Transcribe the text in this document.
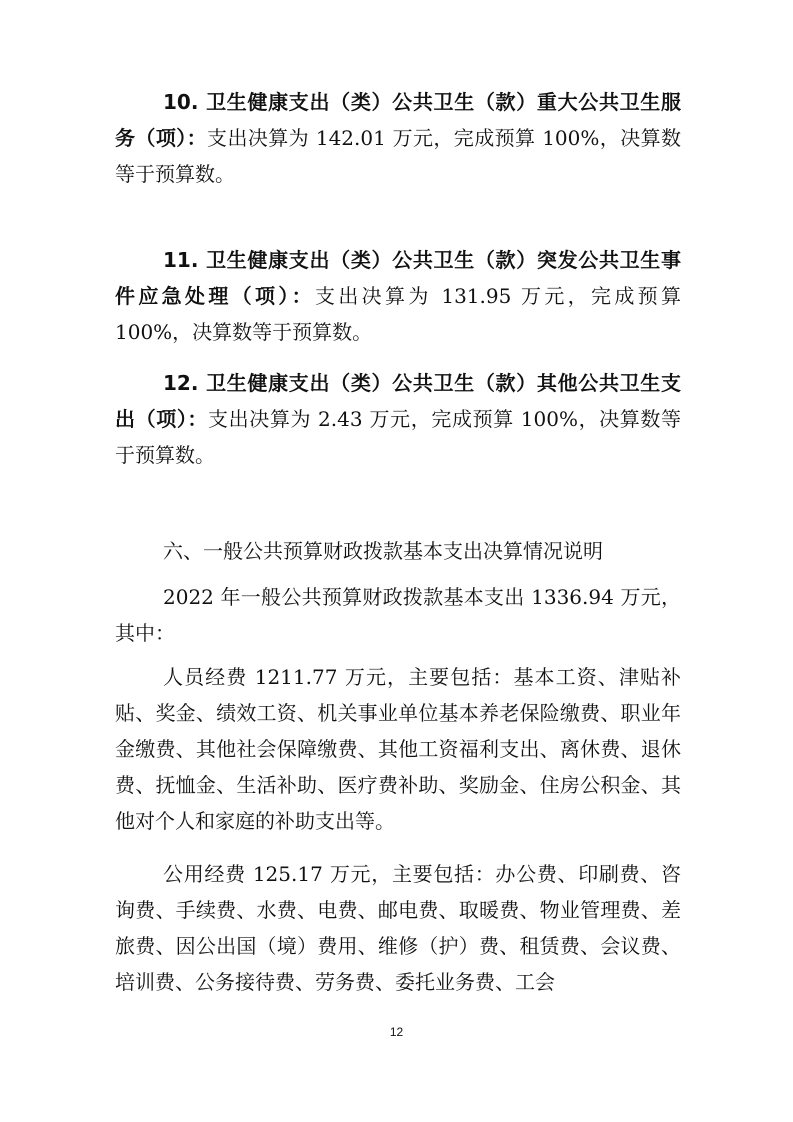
10. 卫生健康支出（类）公共卫生（款）重大公共卫生服务（项）：支出决算为 142.01 万元，完成预算 100%，决算数等于预算数。

11. 卫生健康支出（类）公共卫生（款）突发公共卫生事件应急处理（项）：支出决算为 131.95 万元，完成预算 100%，决算数等于预算数。

12. 卫生健康支出（类）公共卫生（款）其他公共卫生支出（项）：支出决算为 2.43 万元，完成预算 100%，决算数等于预算数。

六、一般公共预算财政拨款基本支出决算情况说明

2022 年一般公共预算财政拨款基本支出 1336.94 万元，其中：

人员经费 1211.77 万元，主要包括：基本工资、津贴补贴、奖金、绩效工资、机关事业单位基本养老保险缴费、职业年金缴费、其他社会保障缴费、其他工资福利支出、离休费、退休费、抚恤金、生活补助、医疗费补助、奖励金、住房公积金、其他对个人和家庭的补助支出等。

公用经费 125.17 万元，主要包括：办公费、印刷费、咨询费、手续费、水费、电费、邮电费、取暖费、物业管理费、差旅费、因公出国（境）费用、维修（护）费、租赁费、会议费、培训费、公务接待费、劳务费、委托业务费、工会

12
